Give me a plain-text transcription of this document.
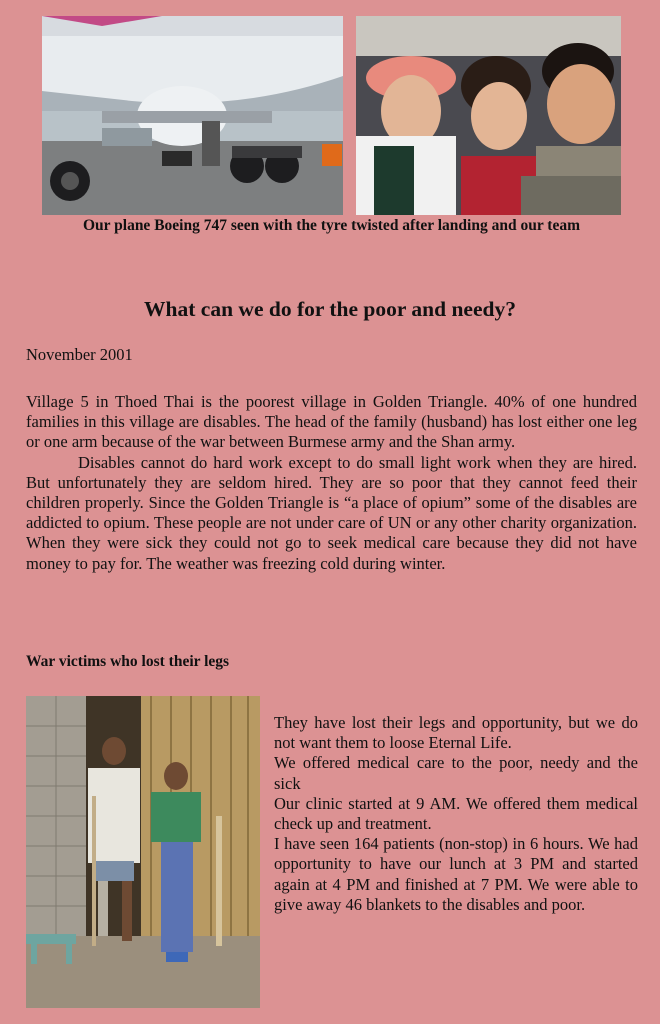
Our plane Boeing 747 seen with the tyre twisted after landing and our team
What can we do for the poor and needy?
November 2001

Village 5 in Thoed Thai is the poorest village in Golden Triangle. 40% of one hundred families in this village are disables. The head of the family (husband) has lost either one leg or one arm because of the war between Burmese army and the Shan army.

Disables cannot do hard work except to do small light work when they are hired. But unfortunately they are seldom hired. They are so poor that they cannot feed their children properly. Since the Golden Triangle is “a place of opium” some of the disables are addicted to opium. These people are not under care of UN or any other charity organization. When they were sick they could not go to seek medical care because they did not have money to pay for. The weather was freezing cold during winter.

War victims who lost their legs

They have lost their legs and opportunity, but we do not want them to loose Eternal Life.

We offered medical care to the poor, needy and the sick

Our clinic started at 9 AM. We offered them medical check up and treatment.

I have seen 164 patients (non-stop) in 6 hours. We had opportunity to have our lunch at 3 PM and started again at 4 PM and finished at 7 PM. We were able to give away 46 blankets to the disables and poor.
